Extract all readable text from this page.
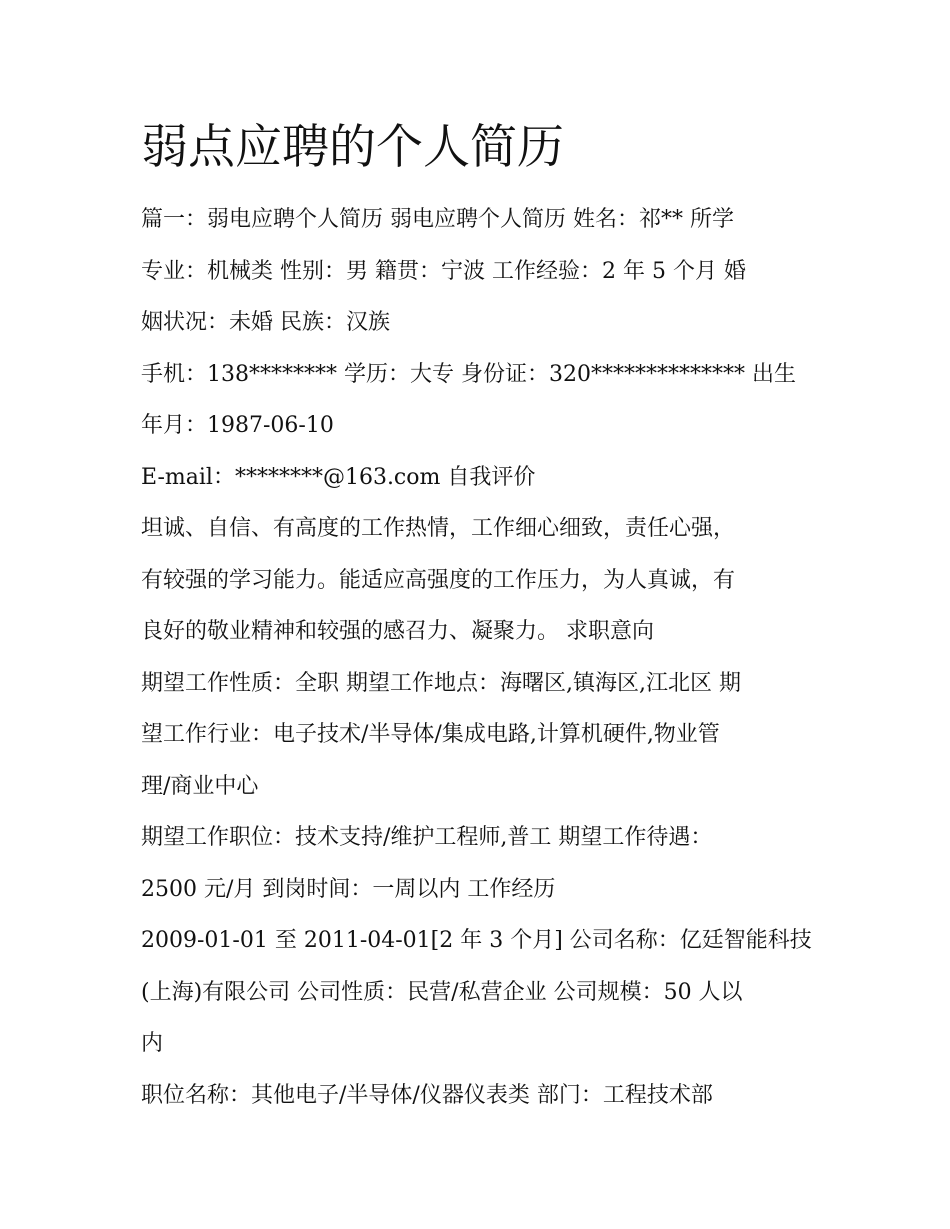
弱点应聘的个人简历
篇一：弱电应聘个人简历 弱电应聘个人简历 姓名：祁** 所学
专业：机械类 性别：男 籍贯：宁波 工作经验：2 年 5 个月 婚
姻状况：未婚 民族：汉族
手机：138******** 学历：大专 身份证：320************** 出生
年月：1987-06-10
E-mail：********@163.com 自我评价
坦诚、自信、有高度的工作热情，工作细心细致，责任心强，
有较强的学习能力。能适应高强度的工作压力，为人真诚，有
良好的敬业精神和较强的感召力、凝聚力。 求职意向
期望工作性质：全职 期望工作地点：海曙区,镇海区,江北区 期
望工作行业：电子技术/半导体/集成电路,计算机硬件,物业管
理/商业中心
期望工作职位：技术支持/维护工程师,普工 期望工作待遇：
2500 元/月 到岗时间：一周以内 工作经历
2009-01-01 至 2011-04-01[2 年 3 个月] 公司名称：亿廷智能科技
(上海)有限公司 公司性质：民营/私营企业 公司规模：50 人以
内
职位名称：其他电子/半导体/仪器仪表类 部门：工程技术部
